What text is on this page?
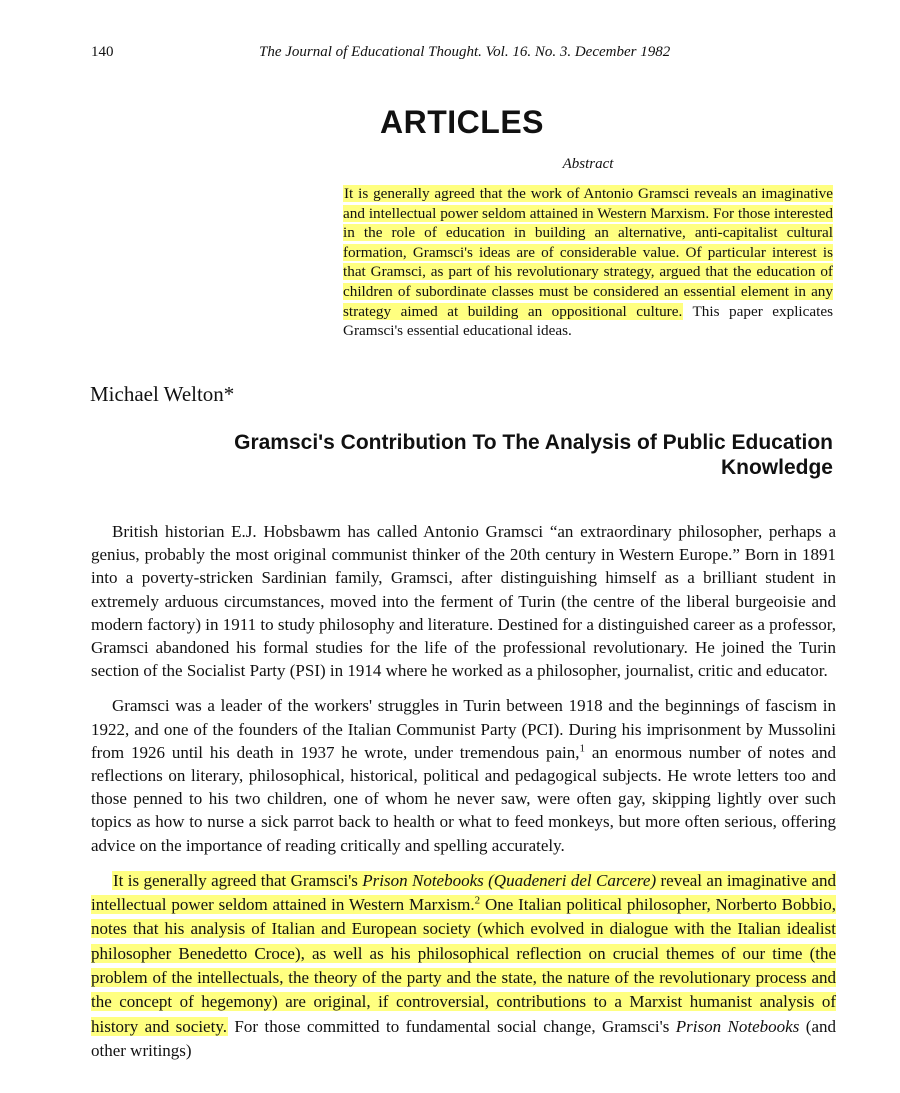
140	The Journal of Educational Thought. Vol. 16. No. 3. December 1982
ARTICLES
Abstract
It is generally agreed that the work of Antonio Gramsci reveals an imaginative and intellectual power seldom attained in Western Marxism. For those interested in the role of education in building an alternative, anti-capitalist cultural formation, Gramsci's ideas are of considerable value. Of particular interest is that Gramsci, as part of his revolutionary strategy, argued that the education of children of subordinate classes must be considered an essential element in any strategy aimed at building an oppositional culture. This paper explicates Gramsci's essential educational ideas.
Michael Welton*
Gramsci's Contribution To The Analysis of Public Education
Knowledge

British historian E.J. Hobsbawm has called Antonio Gramsci “an extraordinary philosopher, perhaps a genius, probably the most original communist thinker of the 20th century in Western Europe.” Born in 1891 into a poverty-stricken Sardinian family, Gramsci, after distinguishing himself as a brilliant student in extremely arduous circumstances, moved into the ferment of Turin (the centre of the liberal burgeoisie and modern factory) in 1911 to study philosophy and literature. Destined for a distinguished career as a professor, Gramsci abandoned his formal studies for the life of the professional revolutionary. He joined the Turin section of the Socialist Party (PSI) in 1914 where he worked as a philosopher, journalist, critic and educator.

Gramsci was a leader of the workers' struggles in Turin between 1918 and the beginnings of fascism in 1922, and one of the founders of the Italian Communist Party (PCI). During his imprisonment by Mussolini from 1926 until his death in 1937 he wrote, under tremendous pain,$^1$ an enormous number of notes and reflections on literary, philosophical, historical, political and pedagogical subjects. He wrote letters too and those penned to his two children, one of whom he never saw, were often gay, skipping lightly over such topics as how to nurse a sick parrot back to health or what to feed monkeys, but more often serious, offering advice on the importance of reading critically and spelling accurately.

It is generally agreed that Gramsci's Prison Notebooks (Quadeneri del Carcere) reveal an imaginative and intellectual power seldom attained in Western Marxism.$^2$ One Italian political philosopher, Norberto Bobbio, notes that his analysis of Italian and European society (which evolved in dialogue with the Italian idealist philosopher Benedetto Croce), as well as his philosophical reflection on crucial themes of our time (the problem of the intellectuals, the theory of the party and the state, the nature of the revolutionary process and the concept of hegemony) are original, if controversial, contributions to a Marxist humanist analysis of history and society. For those committed to fundamental social change, Gramsci's Prison Notebooks (and other writings)
